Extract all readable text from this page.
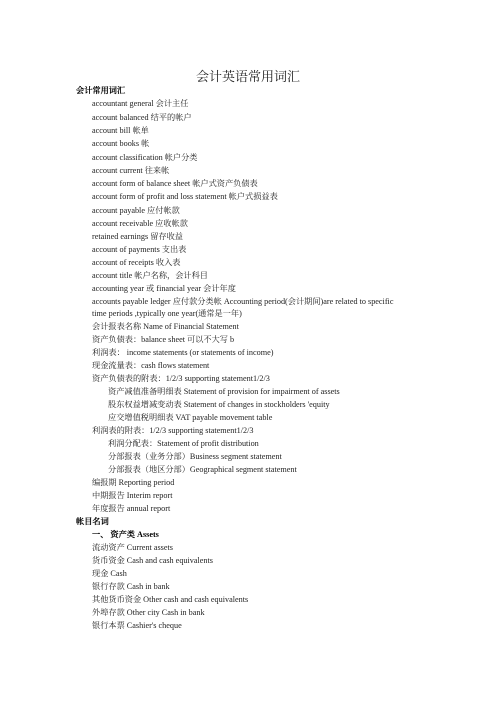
会计英语常用词汇
会计常用词汇
accountant general 会计主任
account balanced 结平的帐户
account bill 帐单
account books 帐
account classification 帐户分类
account current 往来帐
account form of balance sheet 帐户式资产负债表
account form of profit and loss statement 帐户式损益表
account payable 应付帐款
account receivable 应收帐款
retained earnings 留存收益
account of payments 支出表
account of receipts 收入表
account title 帐户名称，会计科目
accounting year 或 financial year 会计年度
accounts payable ledger 应付款分类帐 Accounting period(会计期间)are related to specific
time periods ,typically one year(通常是一年)
会计报表名称 Name of Financial Statement
资产负债表：balance sheet 可以不大写 b
利润表： income statements (or statements of income)
现金流量表：cash flows statement
资产负债表的附表：1/2/3 supporting statement1/2/3
资产减值准备明细表 Statement of provision for impairment of assets
股东权益增减变动表 Statement of changes in stockholders 'equity
应交增值税明细表 VAT payable movement table
利润表的附表：1/2/3 supporting statement1/2/3
利润分配表：Statement of profit distribution
分部报表（业务分部）Business segment statement
分部报表（地区分部）Geographical segment statement
编报期 Reporting period
中期报告 Interim report
年度报告 annual report
帐目名词
一、 资产类 Assets
流动资产 Current assets
货币资金 Cash and cash equivalents
现金 Cash
银行存款 Cash in bank
其他货币资金 Other cash and cash equivalents
外埠存款 Other city Cash in bank
银行本票 Cashier's cheque
